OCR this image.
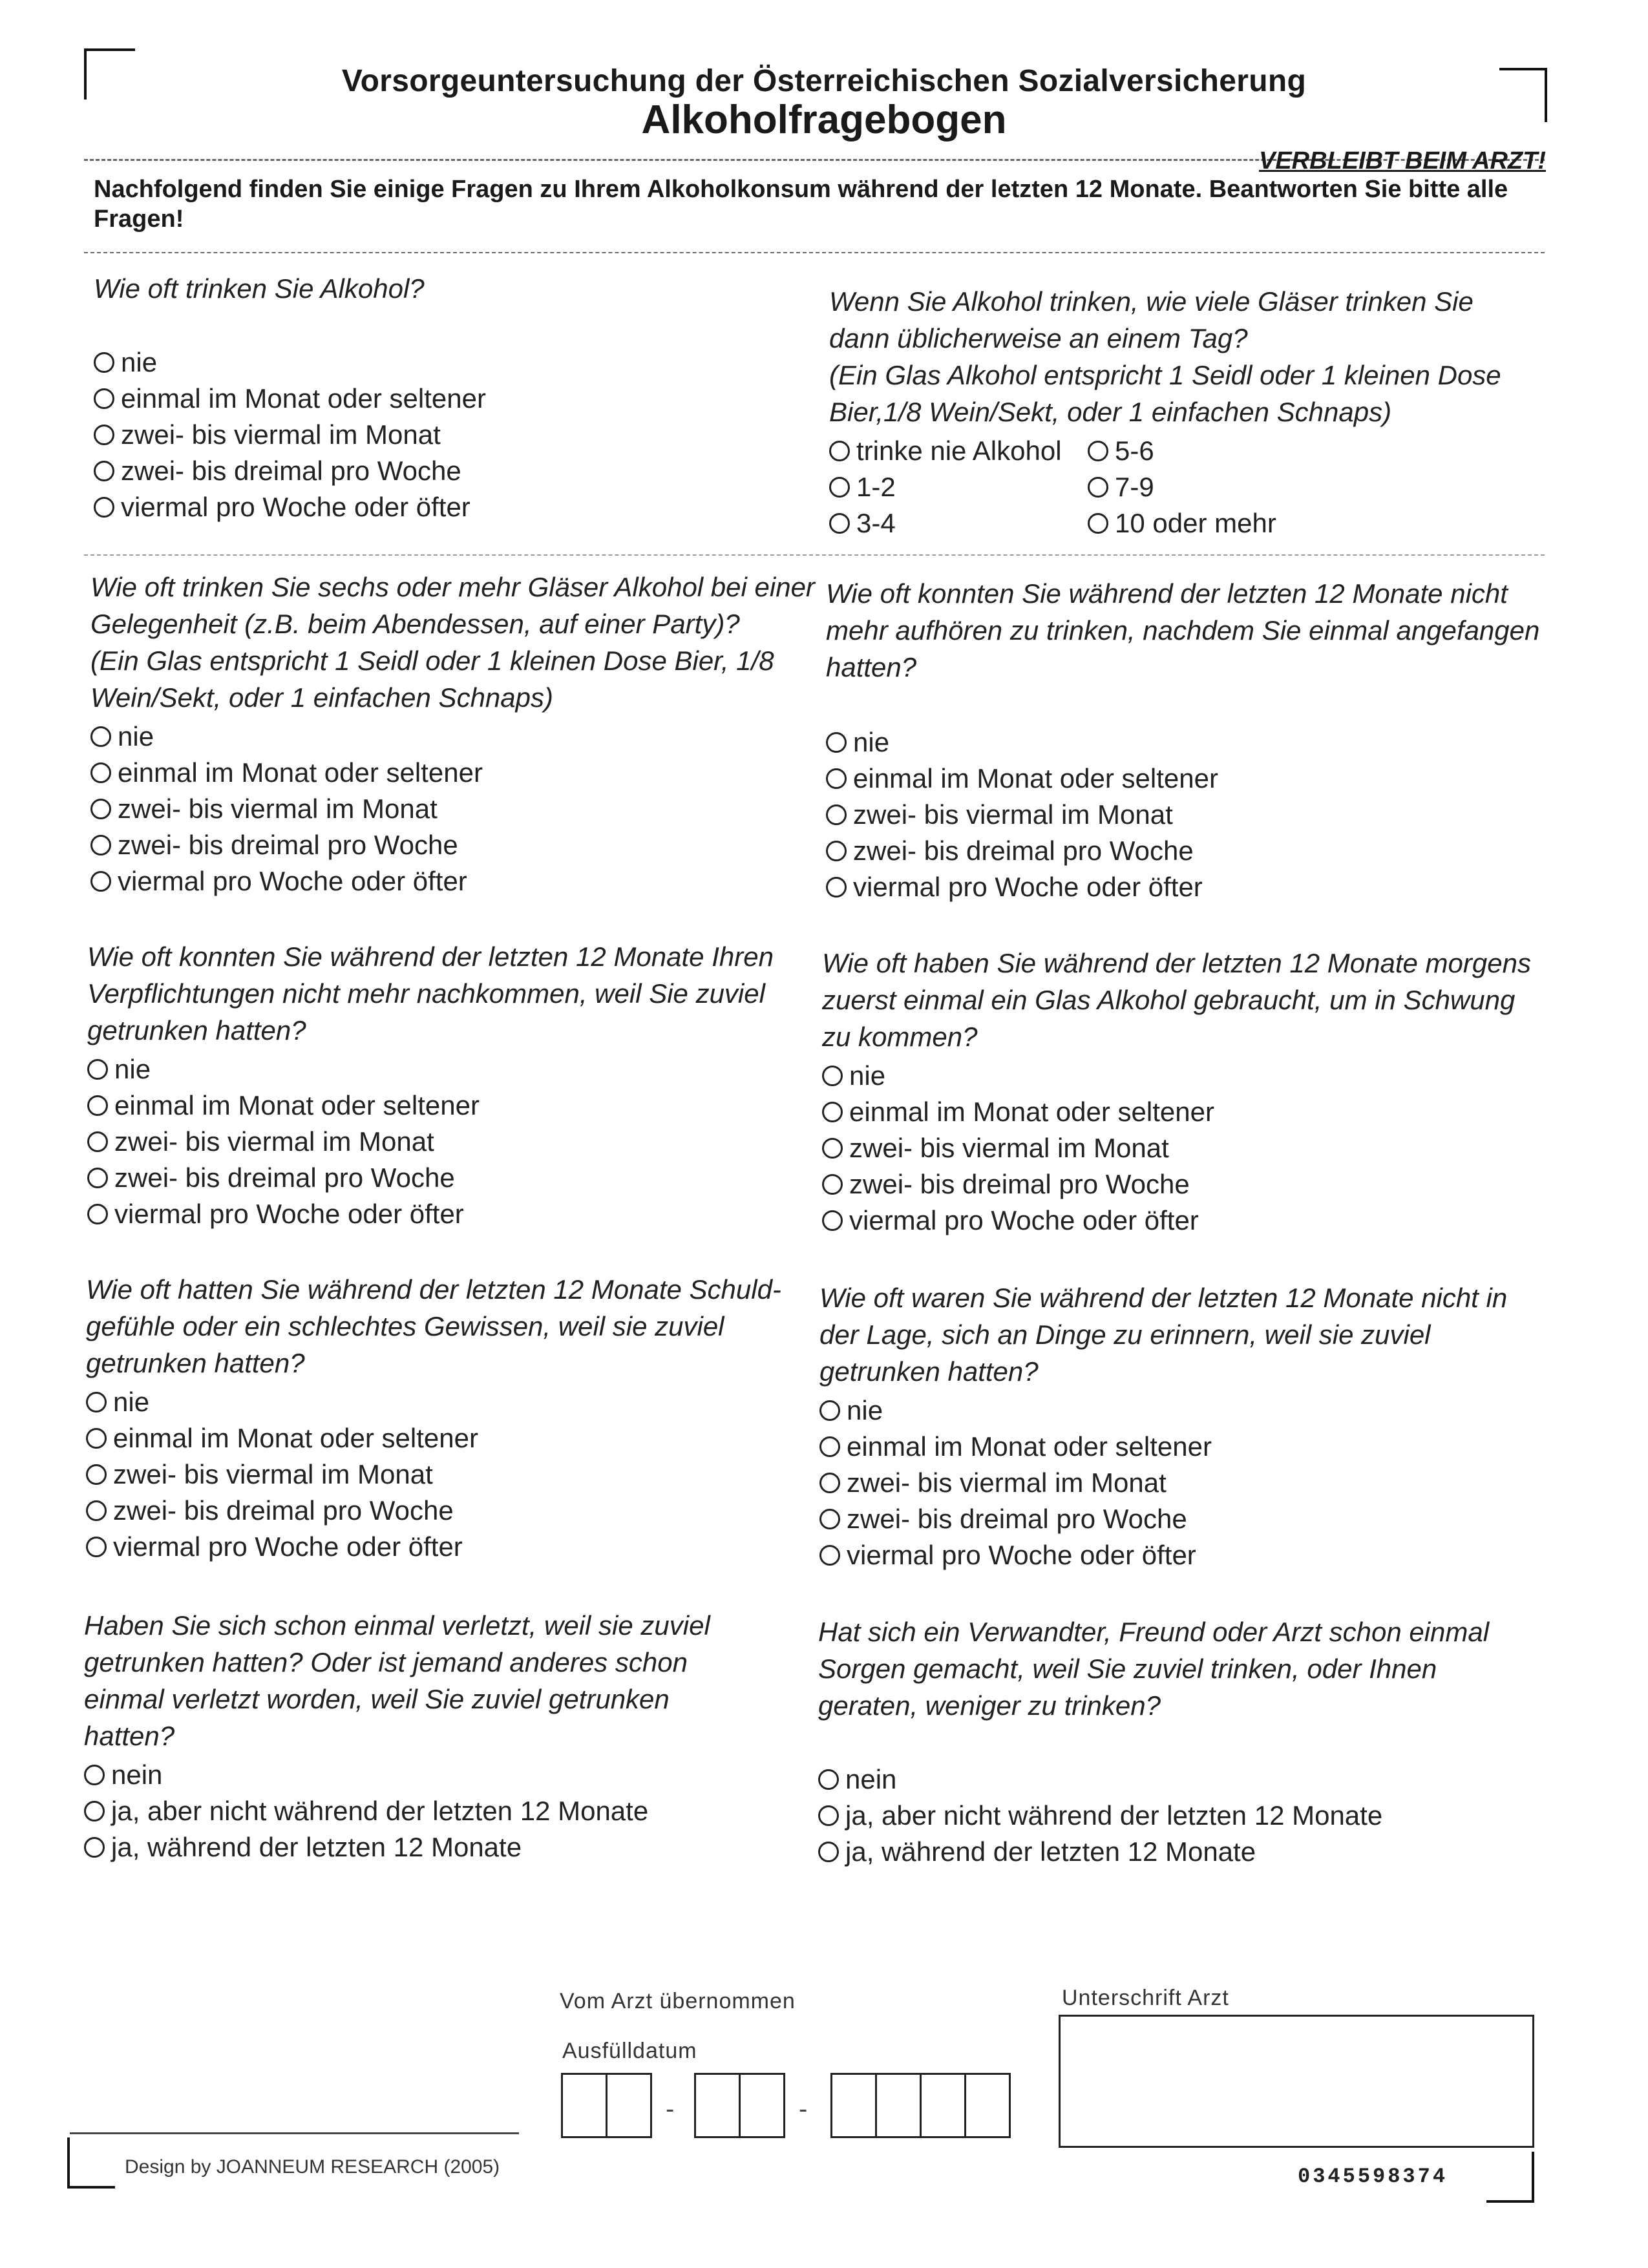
Vorsorgeuntersuchung der Österreichischen Sozialversicherung
Alkoholfragebogen
VERBLEIBT BEIM ARZT!
Nachfolgend finden Sie einige Fragen zu Ihrem Alkoholkonsum während der letzten 12 Monate. Beantworten Sie bitte alle Fragen!
Wie oft trinken Sie Alkohol?
nie
einmal im Monat oder seltener
zwei- bis viermal im Monat
zwei- bis dreimal pro Woche
viermal pro Woche oder öfter
Wenn Sie Alkohol trinken, wie viele Gläser trinken Sie dann üblicherweise an einem Tag?
(Ein Glas Alkohol entspricht 1 Seidl oder 1 kleinen Dose Bier,1/8 Wein/Sekt, oder 1 einfachen Schnaps)
trinke nie Alkohol	5-6
1-2	7-9
3-4	10 oder mehr
Wie oft trinken Sie sechs oder mehr Gläser Alkohol bei einer Gelegenheit (z.B. beim Abendessen, auf einer Party)?
(Ein Glas entspricht 1 Seidl oder 1 kleinen Dose Bier, 1/8 Wein/Sekt, oder 1 einfachen Schnaps)
nie
einmal im Monat oder seltener
zwei- bis viermal im Monat
zwei- bis dreimal pro Woche
viermal pro Woche oder öfter
Wie oft konnten Sie während der letzten 12 Monate nicht mehr aufhören zu trinken, nachdem Sie einmal angefangen hatten?
nie
einmal im Monat oder seltener
zwei- bis viermal im Monat
zwei- bis dreimal pro Woche
viermal pro Woche oder öfter
Wie oft konnten Sie während der letzten 12 Monate Ihren Verpflichtungen nicht mehr nachkommen, weil Sie zuviel getrunken hatten?
nie
einmal im Monat oder seltener
zwei- bis viermal im Monat
zwei- bis dreimal pro Woche
viermal pro Woche oder öfter
Wie oft haben Sie während der letzten 12 Monate morgens zuerst einmal ein Glas Alkohol gebraucht, um in Schwung zu kommen?
nie
einmal im Monat oder seltener
zwei- bis viermal im Monat
zwei- bis dreimal pro Woche
viermal pro Woche oder öfter
Wie oft hatten Sie während der letzten 12 Monate Schuld-gefühle oder ein schlechtes Gewissen, weil sie zuviel getrunken hatten?
nie
einmal im Monat oder seltener
zwei- bis viermal im Monat
zwei- bis dreimal pro Woche
viermal pro Woche oder öfter
Wie oft waren Sie während der letzten 12 Monate nicht in der Lage, sich an Dinge zu erinnern, weil sie zuviel getrunken hatten?
nie
einmal im Monat oder seltener
zwei- bis viermal im Monat
zwei- bis dreimal pro Woche
viermal pro Woche oder öfter
Haben Sie sich schon einmal verletzt, weil sie zuviel getrunken hatten? Oder ist jemand anderes schon einmal verletzt worden, weil Sie zuviel getrunken hatten?
nein
ja, aber nicht während der letzten 12 Monate
ja, während der letzten 12 Monate
Hat sich ein Verwandter, Freund oder Arzt schon einmal Sorgen gemacht, weil Sie zuviel trinken, oder Ihnen geraten, weniger zu trinken?
nein
ja, aber nicht während der letzten 12 Monate
ja, während der letzten 12 Monate
Vom Arzt übernommen
Ausfülldatum
-	-
Unterschrift Arzt
Design by JOANNEUM RESEARCH (2005)	0345598374
